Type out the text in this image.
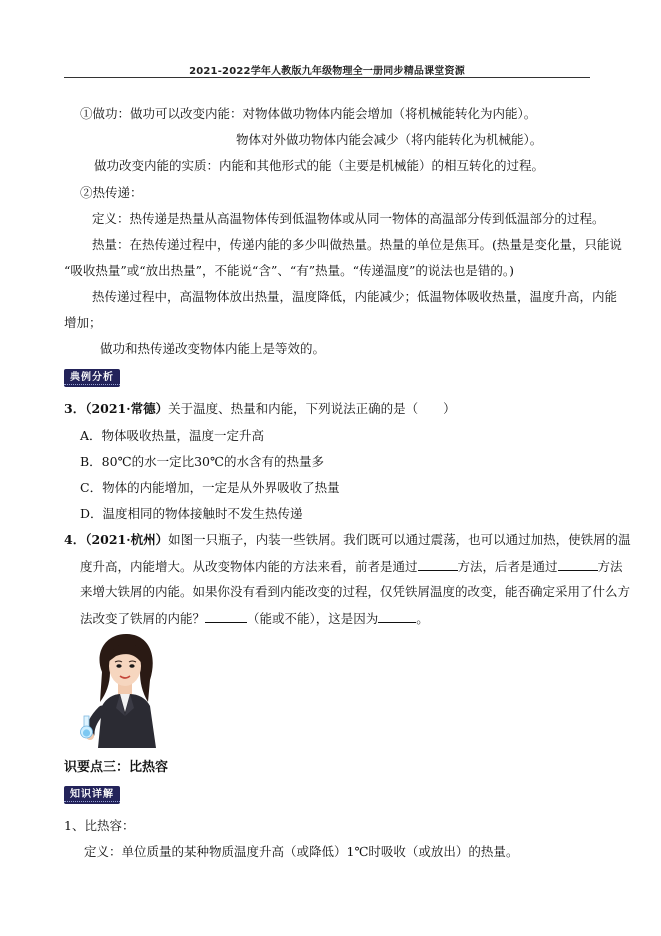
2021-2022学年人教版九年级物理全一册同步精品课堂资源
①做功：做功可以改变内能：对物体做功物体内能会增加（将机械能转化为内能）。
物体对外做功物体内能会减少（将内能转化为机械能）。
做功改变内能的实质：内能和其他形式的能（主要是机械能）的相互转化的过程。
②热传递：
定义：热传递是热量从高温物体传到低温物体或从同一物体的高温部分传到低温部分的过程。
热量：在热传递过程中，传递内能的多少叫做热量。热量的单位是焦耳。(热量是变化量，只能说
“吸收热量”或“放出热量”，不能说“含”、“有”热量。“传递温度”的说法也是错的。)
热传递过程中，高温物体放出热量，温度降低，内能减少；低温物体吸收热量，温度升高，内能
增加；
做功和热传递改变物体内能上是等效的。
典例分析
3．（2021·常德）关于温度、热量和内能，下列说法正确的是（　　）
A．物体吸收热量，温度一定升高
B．80℃的水一定比30℃的水含有的热量多
C．物体的内能增加，一定是从外界吸收了热量
D．温度相同的物体接触时不发生热传递
4．（2021·杭州）如图一只瓶子，内装一些铁屑。我们既可以通过震荡，也可以通过加热，使铁屑的温
度升高，内能增大。从改变物体内能的方法来看，前者是通过	方法，后者是通过	方法
来增大铁屑的内能。如果你没有看到内能改变的过程，仅凭铁屑温度的改变，能否确定采用了什么方
法改变了铁屑的内能？	（能或不能），这是因为	。
识要点三：比热容
知识详解
1、比热容：
定义：单位质量的某种物质温度升高（或降低）1℃时吸收（或放出）的热量。
